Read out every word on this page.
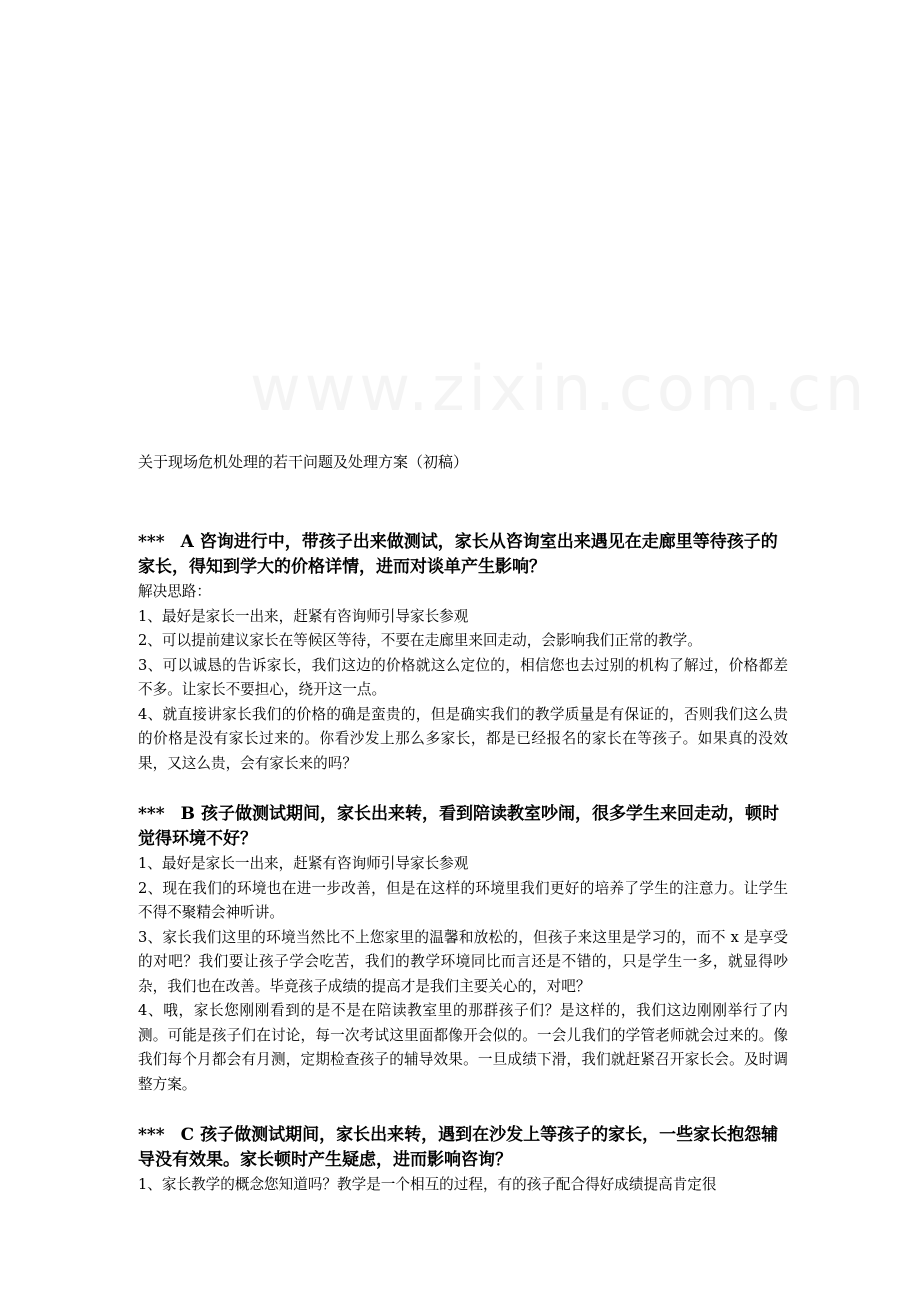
www.zixin.com.cn
关于现场危机处理的若干问题及处理方案（初稿）

*** A 咨询进行中，带孩子出来做测试，家长从咨询室出来遇见在走廊里等待孩子的家长，得知到学大的价格详情，进而对谈单产生影响？

解决思路：

1、最好是家长一出来，赶紧有咨询师引导家长参观

2、可以提前建议家长在等候区等待，不要在走廊里来回走动，会影响我们正常的教学。

3、可以诚恳的告诉家长，我们这边的价格就这么定位的，相信您也去过别的机构了解过，价格都差不多。让家长不要担心，绕开这一点。

4、就直接讲家长我们的价格的确是蛮贵的，但是确实我们的教学质量是有保证的，否则我们这么贵的价格是没有家长过来的。你看沙发上那么多家长，都是已经报名的家长在等孩子。如果真的没效果，又这么贵，会有家长来的吗？

*** B 孩子做测试期间，家长出来转，看到陪读教室吵闹，很多学生来回走动，顿时觉得环境不好？

1、最好是家长一出来，赶紧有咨询师引导家长参观

2、现在我们的环境也在进一步改善，但是在这样的环境里我们更好的培养了学生的注意力。让学生不得不聚精会神听讲。

3、家长我们这里的环境当然比不上您家里的温馨和放松的，但孩子来这里是学习的，而不 x 是享受的对吧？我们要让孩子学会吃苦，我们的教学环境同比而言还是不错的，只是学生一多，就显得吵杂，我们也在改善。毕竟孩子成绩的提高才是我们主要关心的，对吧？

4、哦，家长您刚刚看到的是不是在陪读教室里的那群孩子们？是这样的，我们这边刚刚举行了内测。可能是孩子们在讨论，每一次考试这里面都像开会似的。一会儿我们的学管老师就会过来的。像我们每个月都会有月测，定期检查孩子的辅导效果。一旦成绩下滑，我们就赶紧召开家长会。及时调整方案。

*** C 孩子做测试期间，家长出来转，遇到在沙发上等孩子的家长，一些家长抱怨辅导没有效果。家长顿时产生疑虑，进而影响咨询？

1、家长教学的概念您知道吗？教学是一个相互的过程，有的孩子配合得好成绩提高肯定很
